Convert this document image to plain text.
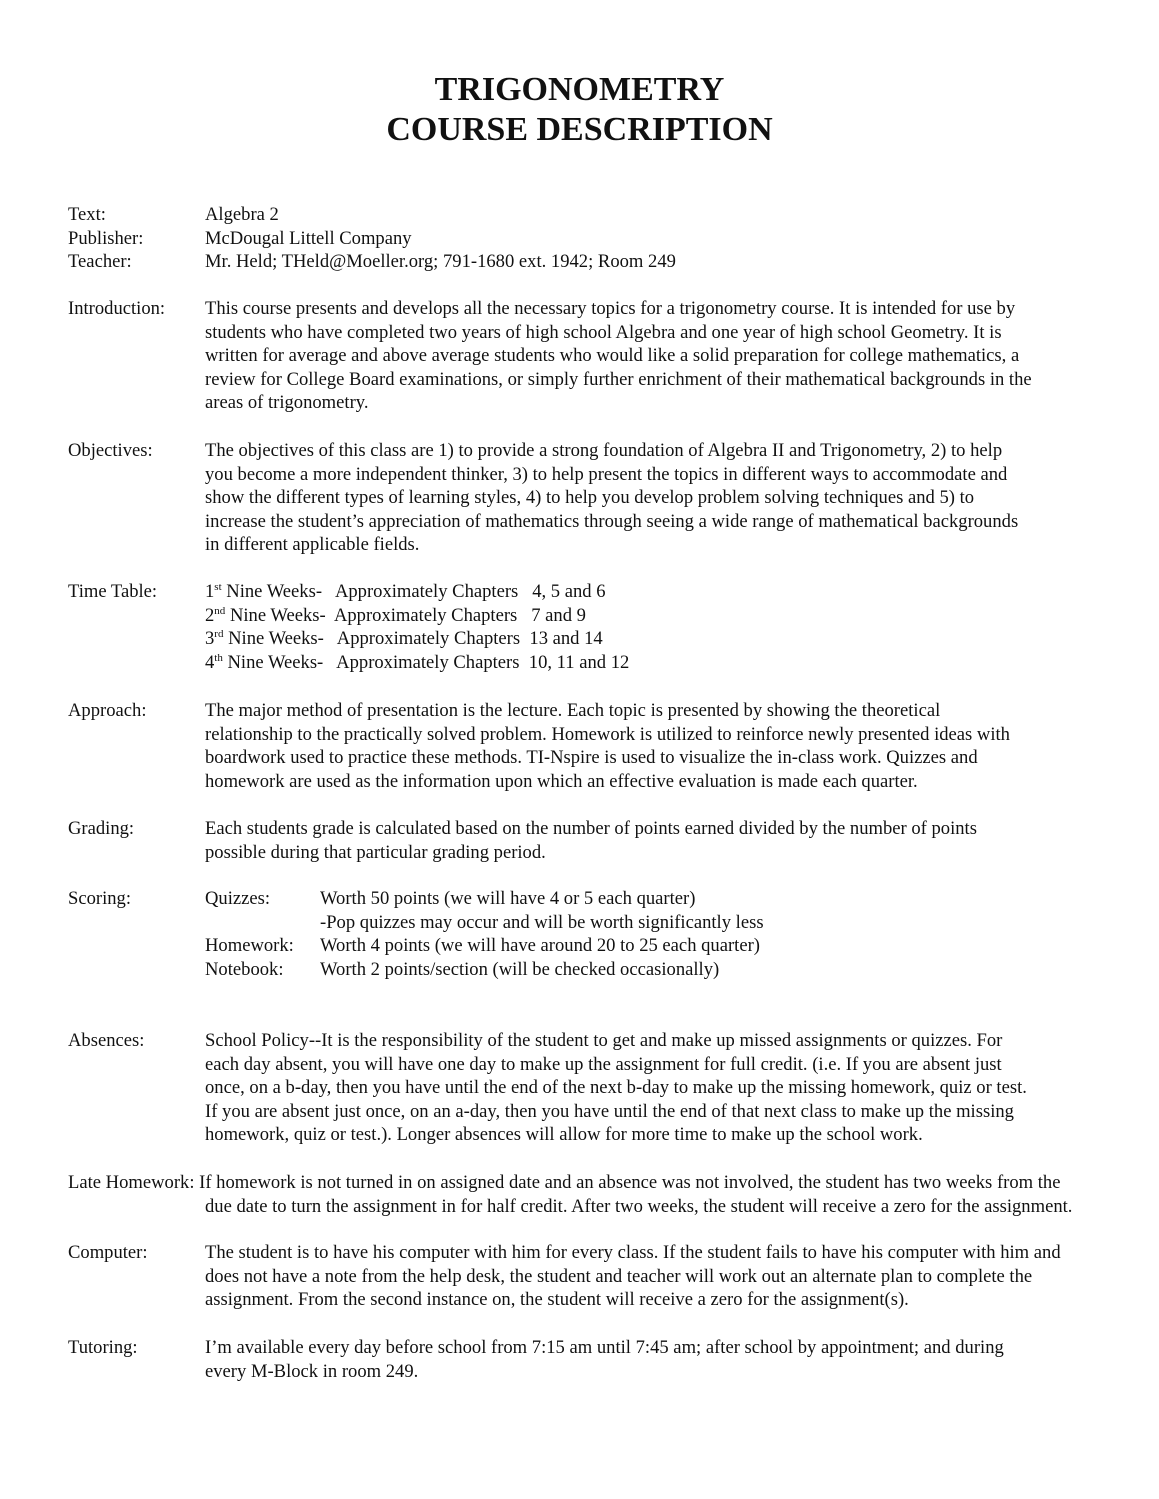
TRIGONOMETRY
COURSE DESCRIPTION
Text:	Algebra 2
Publisher:	McDougal Littell Company
Teacher:	Mr. Held; THeld@Moeller.org; 791-1680 ext. 1942; Room 249
Introduction: This course presents and develops all the necessary topics for a trigonometry course. It is intended for use by
students who have completed two years of high school Algebra and one year of high school Geometry. It is
written for average and above average students who would like a solid preparation for college mathematics, a
review for College Board examinations, or simply further enrichment of their mathematical backgrounds in the
areas of trigonometry.
Objectives:	The objectives of this class are 1) to provide a strong foundation of Algebra II and Trigonometry, 2) to help
you become a more independent thinker, 3) to help present the topics in different ways to accommodate and
show the different types of learning styles, 4) to help you develop problem solving techniques and 5) to
increase the student’s appreciation of mathematics through seeing a wide range of mathematical backgrounds
in different applicable fields.
Time Table:	1st Nine Weeks-   Approximately Chapters   4, 5 and 6
2nd Nine Weeks-  Approximately Chapters   7 and 9
3rd Nine Weeks-   Approximately Chapters  13 and 14
4th Nine Weeks-   Approximately Chapters  10, 11 and 12
Approach:	The major method of presentation is the lecture. Each topic is presented by showing the theoretical
relationship to the practically solved problem. Homework is utilized to reinforce newly presented ideas with
boardwork used to practice these methods. TI-Nspire is used to visualize the in-class work. Quizzes and
homework are used as the information upon which an effective evaluation is made each quarter.
Grading:	Each students grade is calculated based on the number of points earned divided by the number of points
possible during that particular grading period.
Scoring:	Quizzes:	Worth 50 points (we will have 4 or 5 each quarter)
-Pop quizzes may occur and will be worth significantly less
Homework:	Worth 4 points (we will have around 20 to 25 each quarter)
Notebook:	Worth 2 points/section (will be checked occasionally)
Absences:	School Policy--It is the responsibility of the student to get and make up missed assignments or quizzes. For
each day absent, you will have one day to make up the assignment for full credit. (i.e. If you are absent just
once, on a b-day, then you have until the end of the next b-day to make up the missing homework, quiz or test.
If you are absent just once, on an a-day, then you have until the end of that next class to make up the missing
homework, quiz or test.). Longer absences will allow for more time to make up the school work.
Late Homework: If homework is not turned in on assigned date and an absence was not involved, the student has two weeks from the
due date to turn the assignment in for half credit. After two weeks, the student will receive a zero for the assignment.
Computer:	The student is to have his computer with him for every class. If the student fails to have his computer with him and
does not have a note from the help desk, the student and teacher will work out an alternate plan to complete the
assignment. From the second instance on, the student will receive a zero for the assignment(s).
Tutoring:	I’m available every day before school from 7:15 am until 7:45 am; after school by appointment; and during
every M-Block in room 249.
